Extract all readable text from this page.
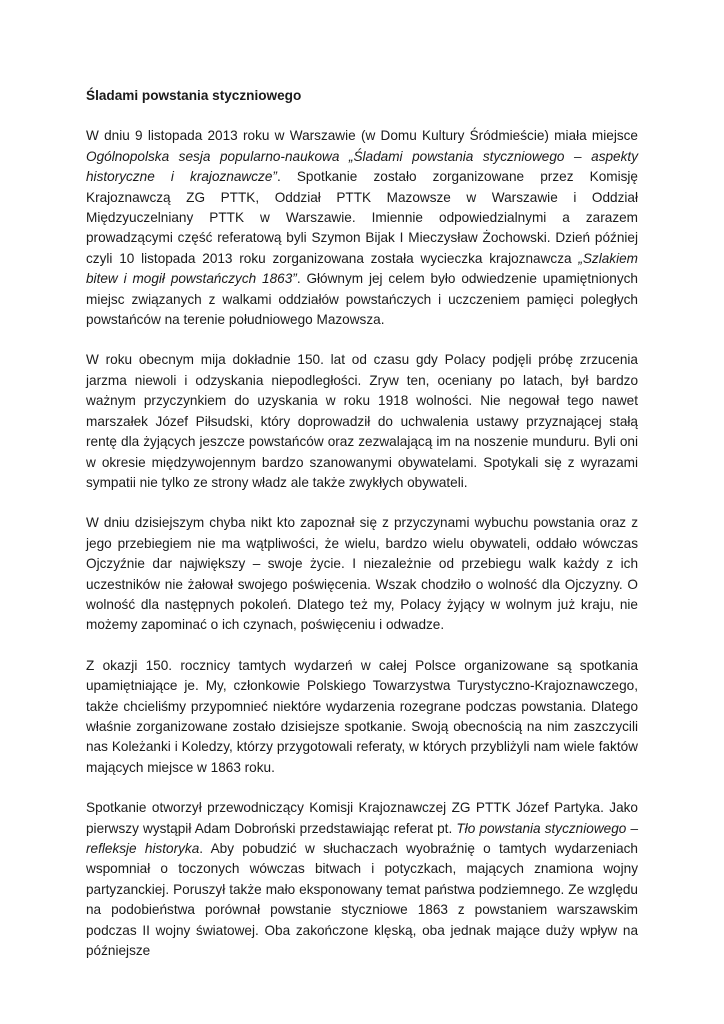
Śladami powstania styczniowego

W dniu 9 listopada 2013 roku w Warszawie (w Domu Kultury Śródmieście) miała miejsce Ogólnopolska sesja popularno-naukowa „Śladami powstania styczniowego – aspekty historyczne i krajoznawcze”. Spotkanie zostało zorganizowane przez Komisję Krajoznawczą ZG PTTK, Oddział PTTK Mazowsze w Warszawie i Oddział Międzyuczelniany PTTK w Warszawie. Imiennie odpowiedzialnymi a zarazem prowadzącymi część referatową byli Szymon Bijak I Mieczysław Żochowski. Dzień później czyli 10 listopada 2013 roku zorganizowana została wycieczka krajoznawcza „Szlakiem bitew i mogił powstańczych 1863”. Głównym jej celem było odwiedzenie upamiętnionych miejsc związanych z walkami oddziałów powstańczych i uczczeniem pamięci poległych powstańców na terenie południowego Mazowsza.

W roku obecnym mija dokładnie 150. lat od czasu gdy Polacy podjęli próbę zrzucenia jarzma niewoli i odzyskania niepodległości. Zryw ten, oceniany po latach, był bardzo ważnym przyczynkiem do uzyskania w roku 1918 wolności. Nie negował tego nawet marszałek Józef Piłsudski, który doprowadził do uchwalenia ustawy przyznającej stałą rentę dla żyjących jeszcze powstańców oraz zezwalającą im na noszenie munduru. Byli oni w okresie międzywojennym bardzo szanowanymi obywatelami. Spotykali się z wyrazami sympatii nie tylko ze strony władz ale także zwykłych obywateli.

W dniu dzisiejszym chyba nikt kto zapoznał się z przyczynami wybuchu powstania oraz z jego przebiegiem nie ma wątpliwości, że wielu, bardzo wielu obywateli, oddało wówczas Ojczyźnie dar największy – swoje życie. I niezależnie od przebiegu walk każdy z ich uczestników nie żałował swojego poświęcenia. Wszak chodziło o wolność dla Ojczyzny. O wolność dla następnych pokoleń. Dlatego też my, Polacy żyjący w wolnym już kraju, nie możemy zapominać o ich czynach, poświęceniu i odwadze.

Z okazji 150. rocznicy tamtych wydarzeń w całej Polsce organizowane są spotkania upamiętniające je. My, członkowie Polskiego Towarzystwa Turystyczno-Krajoznawczego, także chcieliśmy przypomnieć niektóre wydarzenia rozegrane podczas powstania. Dlatego właśnie zorganizowane zostało dzisiejsze spotkanie. Swoją obecnością na nim zaszczycili nas Koleżanki i Koledzy, którzy przygotowali referaty, w których przybliżyli nam wiele faktów mających miejsce w 1863 roku.

Spotkanie otworzył przewodniczący Komisji Krajoznawczej ZG PTTK Józef Partyka. Jako pierwszy wystąpił Adam Dobroński przedstawiając referat pt. Tło powstania styczniowego – refleksje historyka. Aby pobudzić w słuchaczach wyobraźnię o tamtych wydarzeniach wspomniał o toczonych wówczas bitwach i potyczkach, mających znamiona wojny partyzanckiej. Poruszył także mało eksponowany temat państwa podziemnego. Ze względu na podobieństwa porównał powstanie styczniowe 1863 z powstaniem warszawskim podczas II wojny światowej. Oba zakończone klęską, oba jednak mające duży wpływ na późniejsze
